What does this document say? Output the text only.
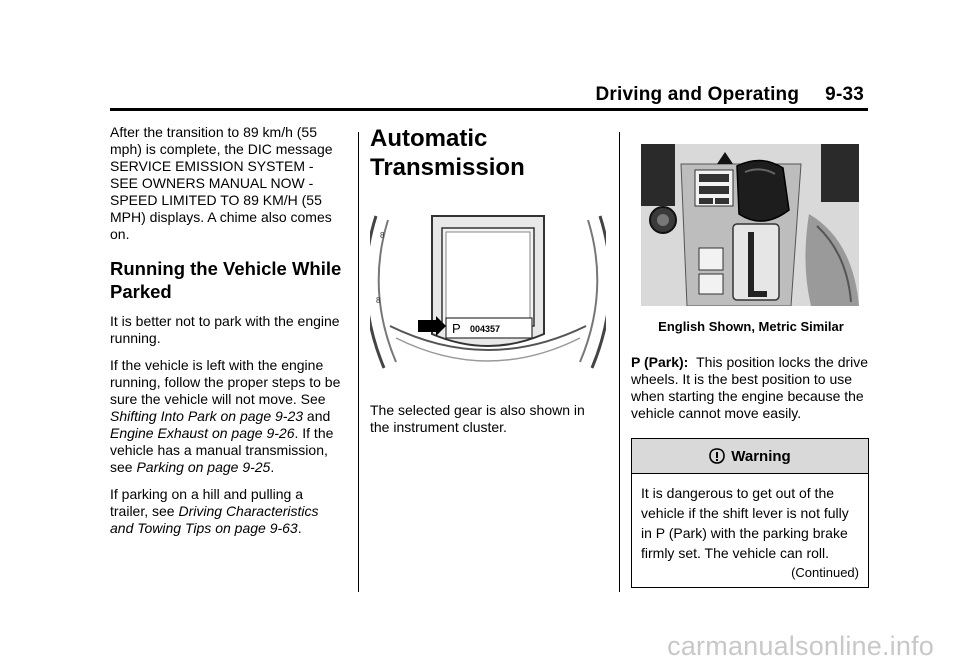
Driving and Operating 9-33

After the transition to 89 km/h (55 mph) is complete, the DIC message SERVICE EMISSION SYSTEM - SEE OWNERS MANUAL NOW - SPEED LIMITED TO 89 KM/H (55 MPH) displays. A chime also comes on.

Running the Vehicle While Parked

It is better not to park with the engine running.

If the vehicle is left with the engine running, follow the proper steps to be sure the vehicle will not move. See Shifting Into Park on page 9-23 and Engine Exhaust on page 9-26. If the vehicle has a manual transmission, see Parking on page 9-25.

If parking on a hill and pulling a trailer, see Driving Characteristics and Towing Tips on page 9-63.

Automatic Transmission
8
8
P 004357

The selected gear is also shown in the instrument cluster.

English Shown, Metric Similar

P (Park): This position locks the drive wheels. It is the best position to use when starting the engine because the vehicle cannot move easily.

Warning
It is dangerous to get out of the vehicle if the shift lever is not fully in P (Park) with the parking brake firmly set. The vehicle can roll.
(Continued)
carmanualsonline.info
